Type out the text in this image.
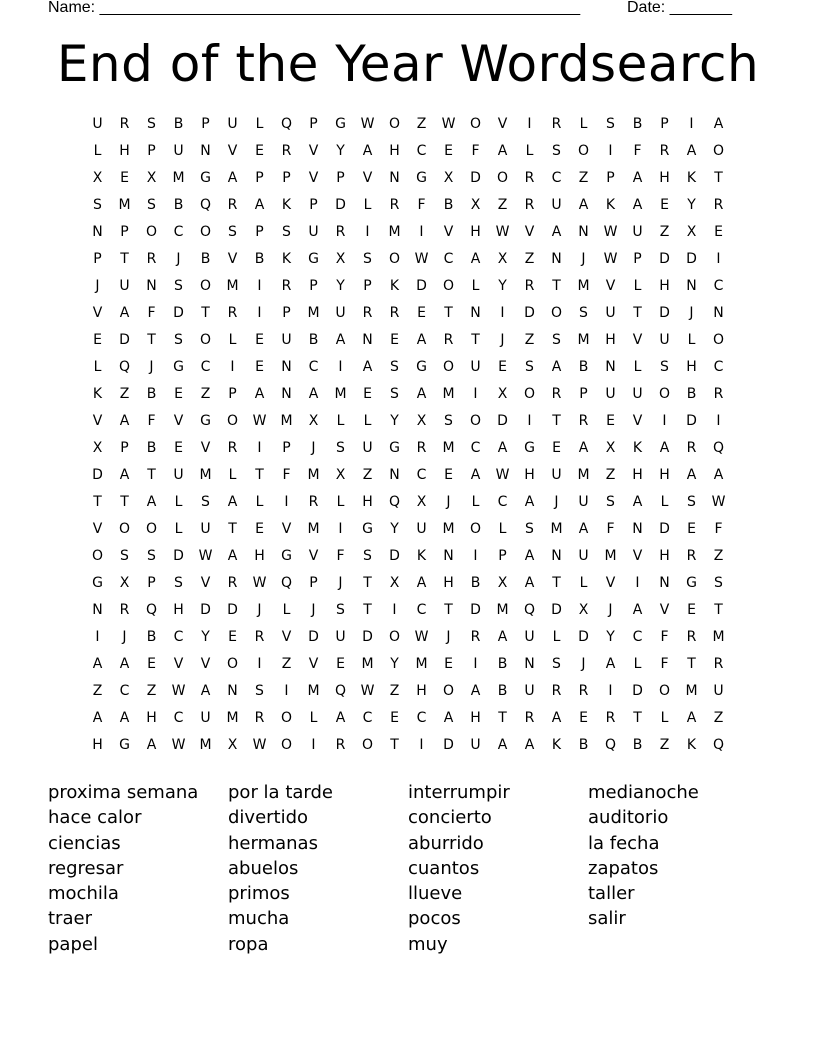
Name: ______________________________________________________	Date: _______
End of the Year Wordsearch
U	R	S	B	P	U	L	Q	P	G	W	O	Z	W	O	V	I	R	L	S	B	P	I	A
L	H	P	U	N	V	E	R	V	Y	A	H	C	E	F	A	L	S	O	I	F	R	A	O
X	E	X	M	G	A	P	P	V	P	V	N	G	X	D	O	R	C	Z	P	A	H	K	T
S	M	S	B	Q	R	A	K	P	D	L	R	F	B	X	Z	R	U	A	K	A	E	Y	R
N	P	O	C	O	S	P	S	U	R	I	M	I	V	H	W	V	A	N	W	U	Z	X	E
P	T	R	J	B	V	B	K	G	X	S	O	W	C	A	X	Z	N	J	W	P	D	D	I
J	U	N	S	O	M	I	R	P	Y	P	K	D	O	L	Y	R	T	M	V	L	H	N	C
V	A	F	D	T	R	I	P	M	U	R	R	E	T	N	I	D	O	S	U	T	D	J	N
E	D	T	S	O	L	E	U	B	A	N	E	A	R	T	J	Z	S	M	H	V	U	L	O
L	Q	J	G	C	I	E	N	C	I	A	S	G	O	U	E	S	A	B	N	L	S	H	C
K	Z	B	E	Z	P	A	N	A	M	E	S	A	M	I	X	O	R	P	U	U	O	B	R
V	A	F	V	G	O	W	M	X	L	L	Y	X	S	O	D	I	T	R	E	V	I	D	I
X	P	B	E	V	R	I	P	J	S	U	G	R	M	C	A	G	E	A	X	K	A	R	Q
D	A	T	U	M	L	T	F	M	X	Z	N	C	E	A	W	H	U	M	Z	H	H	A	A
T	T	A	L	S	A	L	I	R	L	H	Q	X	J	L	C	A	J	U	S	A	L	S	W
V	O	O	L	U	T	E	V	M	I	G	Y	U	M	O	L	S	M	A	F	N	D	E	F
O	S	S	D	W	A	H	G	V	F	S	D	K	N	I	P	A	N	U	M	V	H	R	Z
G	X	P	S	V	R	W	Q	P	J	T	X	A	H	B	X	A	T	L	V	I	N	G	S
N	R	Q	H	D	D	J	L	J	S	T	I	C	T	D	M	Q	D	X	J	A	V	E	T
I	J	B	C	Y	E	R	V	D	U	D	O	W	J	R	A	U	L	D	Y	C	F	R	M
A	A	E	V	V	O	I	Z	V	E	M	Y	M	E	I	B	N	S	J	A	L	F	T	R
Z	C	Z	W	A	N	S	I	M	Q	W	Z	H	O	A	B	U	R	R	I	D	O	M	U
A	A	H	C	U	M	R	O	L	A	C	E	C	A	H	T	R	A	E	R	T	L	A	Z
H	G	A	W	M	X	W	O	I	R	O	T	I	D	U	A	A	K	B	Q	B	Z	K	Q
proxima semana
hace calor
ciencias
regresar
mochila
traer
papel
por la tarde
divertido
hermanas
abuelos
primos
mucha
ropa
interrumpir
concierto
aburrido
cuantos
llueve
pocos
muy
medianoche
auditorio
la fecha
zapatos
taller
salir
